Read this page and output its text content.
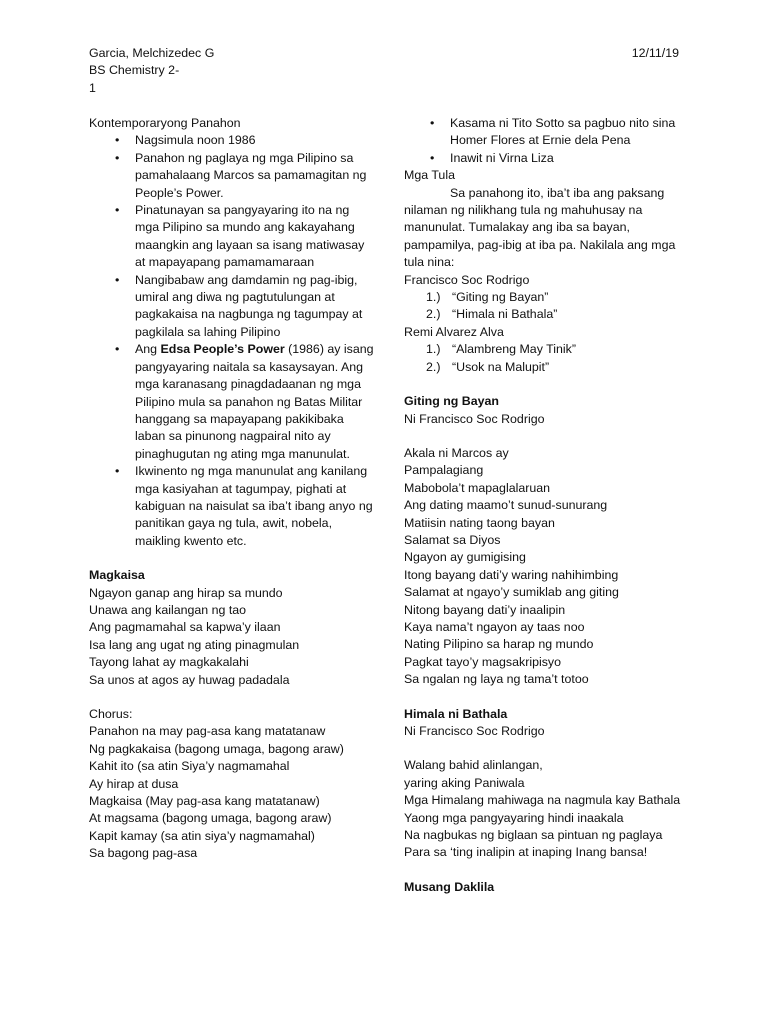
Garcia, Melchizedec G
BS Chemistry 2-
1
12/11/19
Kontemporaryong Panahon
• Nagsimula noon 1986
• Panahon ng paglaya ng mga Pilipino sa pamahalaang Marcos sa pamamagitan ng People’s Power.
• Pinatunayan sa pangyayaring ito na ng mga Pilipino sa mundo ang kakayahang maangkin ang layaan sa isang matiwasay at mapayapang pamamamaraan
• Nangibabaw ang damdamin ng pag-ibig, umiral ang diwa ng pagtutulungan at pagkakaisa na nagbunga ng tagumpay at pagkilala sa lahing Pilipino
• Ang Edsa People’s Power (1986) ay isang pangyayaring naitala sa kasaysayan. Ang mga karanasang pinagdadaanan ng mga Pilipino mula sa panahon ng Batas Militar hanggang sa mapayapang pakikibaka laban sa pinunong nagpairal nito ay pinaghugutan ng ating mga manunulat.
• Ikwinento ng mga manunulat ang kanilang mga kasiyahan at tagumpay, pighati at kabiguan na naisulat sa iba’t ibang anyo ng panitikan gaya ng tula, awit, nobela, maikling kwento etc.
Magkaisa
Ngayon ganap ang hirap sa mundo
Unawa ang kailangan ng tao
Ang pagmamahal sa kapwa’y ilaan
Isa lang ang ugat ng ating pinagmulan
Tayong lahat ay magkakalahi
Sa unos at agos ay huwag padadala
Chorus:
Panahon na may pag-asa kang matatanaw
Ng pagkakaisa (bagong umaga, bagong araw)
Kahit ito (sa atin Siya’y nagmamahal
Ay hirap at dusa
Magkaisa (May pag-asa kang matatanaw)
At magsama (bagong umaga, bagong araw)
Kapit kamay (sa atin siya’y nagmamahal)
Sa bagong pag-asa
• Kasama ni Tito Sotto sa pagbuo nito sina Homer Flores at Ernie dela Pena
• Inawit ni Virna Liza
Mga Tula
Sa panahong ito, iba’t iba ang paksang nilaman ng nilikhang tula ng mahuhusay na manunulat. Tumalakay ang iba sa bayan, pampamilya, pag-ibig at iba pa. Nakilala ang mga tula nina:
Francisco Soc Rodrigo
1.) “Giting ng Bayan”
2.) “Himala ni Bathala”
Remi Alvarez Alva
1.) “Alambreng May Tinik”
2.) “Usok na Malupit”
Giting ng Bayan
Ni Francisco Soc Rodrigo
Akala ni Marcos ay
Pampalagiang
Mabobola’t mapaglalaruan
Ang dating maamo’t sunud-sunurang
Matiisin nating taong bayan
Salamat sa Diyos
Ngayon ay gumigising
Itong bayang dati’y waring nahihimbing
Salamat at ngayo’y sumiklab ang giting
Nitong bayang dati’y inaalipin
Kaya nama’t ngayon ay taas noo
Nating Pilipino sa harap ng mundo
Pagkat tayo’y magsakripisyo
Sa ngalan ng laya ng tama’t totoo
Himala ni Bathala
Ni Francisco Soc Rodrigo
Walang bahid alinlangan,
yaring aking Paniwala
Mga Himalang mahiwaga na nagmula kay Bathala
Yaong mga pangyayaring hindi inaakala
Na nagbukas ng biglaan sa pintuan ng paglaya
Para sa ‘ting inalipin at inaping Inang bansa!
Musang Daklila
